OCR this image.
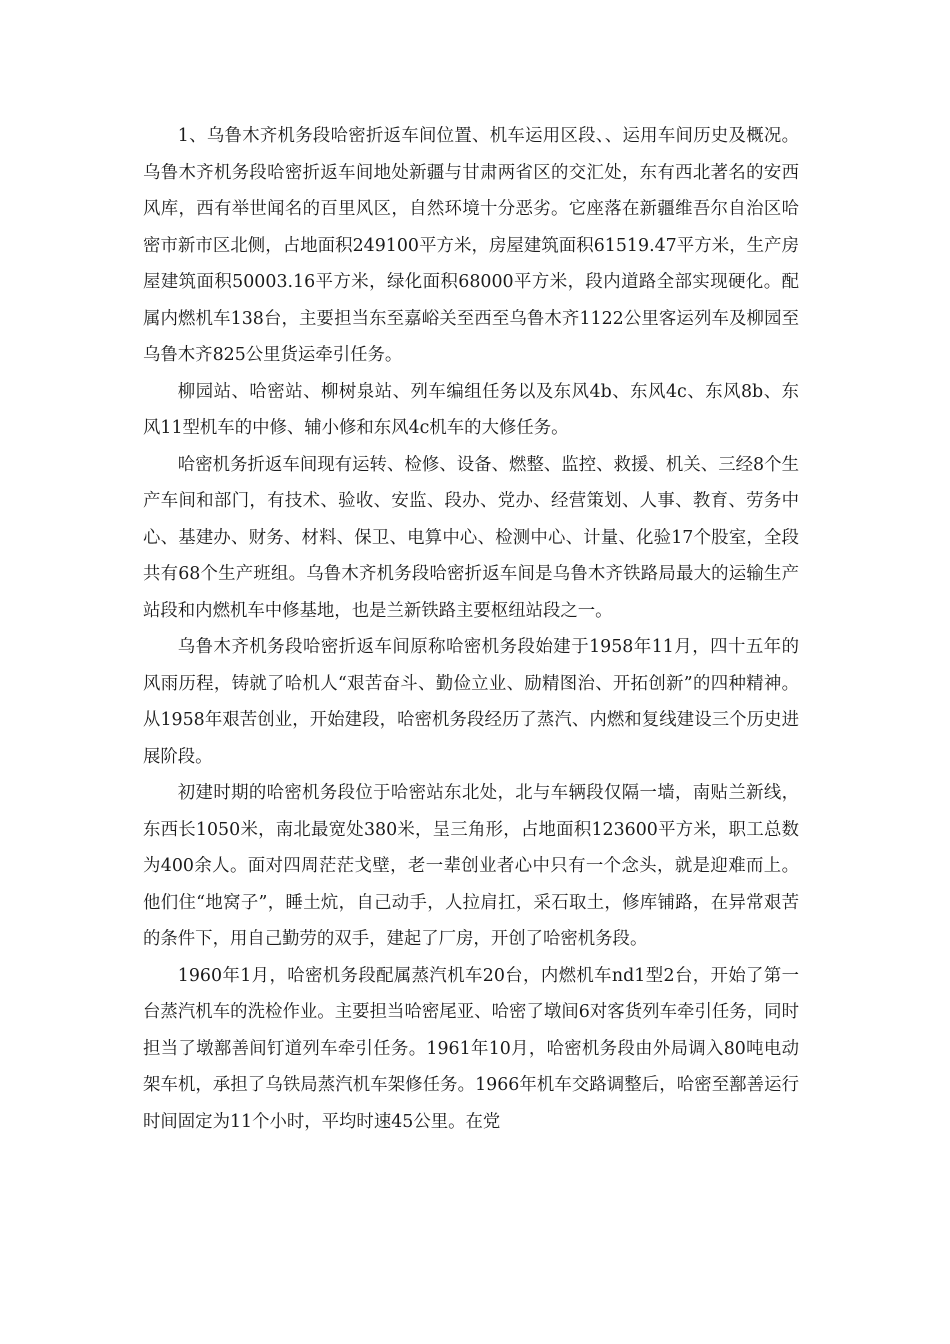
1、乌鲁木齐机务段哈密折返车间位置、机车运用区段、、运用车间历史及概况。乌鲁木齐机务段哈密折返车间地处新疆与甘肃两省区的交汇处，东有西北著名的安西风库，西有举世闻名的百里风区，自然环境十分恶劣。它座落在新疆维吾尔自治区哈密市新市区北侧，占地面积249100平方米，房屋建筑面积61519.47平方米，生产房屋建筑面积50003.16平方米，绿化面积68000平方米，段内道路全部实现硬化。配属内燃机车138台，主要担当东至嘉峪关至西至乌鲁木齐1122公里客运列车及柳园至乌鲁木齐825公里货运牵引任务。

柳园站、哈密站、柳树泉站、列车编组任务以及东风4b、东风4c、东风8b、东风11型机车的中修、辅小修和东风4c机车的大修任务。

哈密机务折返车间现有运转、检修、设备、燃整、监控、救援、机关、三经8个生产车间和部门，有技术、验收、安监、段办、党办、经营策划、人事、教育、劳务中心、基建办、财务、材料、保卫、电算中心、检测中心、计量、化验17个股室，全段共有68个生产班组。乌鲁木齐机务段哈密折返车间是乌鲁木齐铁路局最大的运输生产站段和内燃机车中修基地，也是兰新铁路主要枢纽站段之一。

乌鲁木齐机务段哈密折返车间原称哈密机务段始建于1958年11月，四十五年的风雨历程，铸就了哈机人“艰苦奋斗、勤俭立业、励精图治、开拓创新”的四种精神。从1958年艰苦创业，开始建段，哈密机务段经历了蒸汽、内燃和复线建设三个历史进展阶段。

初建时期的哈密机务段位于哈密站东北处，北与车辆段仅隔一墙，南贴兰新线，东西长1050米，南北最宽处380米，呈三角形，占地面积123600平方米，职工总数为400余人。面对四周茫茫戈壁，老一辈创业者心中只有一个念头，就是迎难而上。他们住“地窝子”，睡土炕，自己动手，人拉肩扛，采石取土，修库铺路，在异常艰苦的条件下，用自己勤劳的双手，建起了厂房，开创了哈密机务段。

1960年1月，哈密机务段配属蒸汽机车20台，内燃机车nd1型2台，开始了第一台蒸汽机车的洗检作业。主要担当哈密尾亚、哈密了墩间6对客货列车牵引任务，同时担当了墩鄯善间钉道列车牵引任务。1961年10月，哈密机务段由外局调入80吨电动架车机，承担了乌铁局蒸汽机车架修任务。1966年机车交路调整后，哈密至鄯善运行时间固定为11个小时，平均时速45公里。在党
